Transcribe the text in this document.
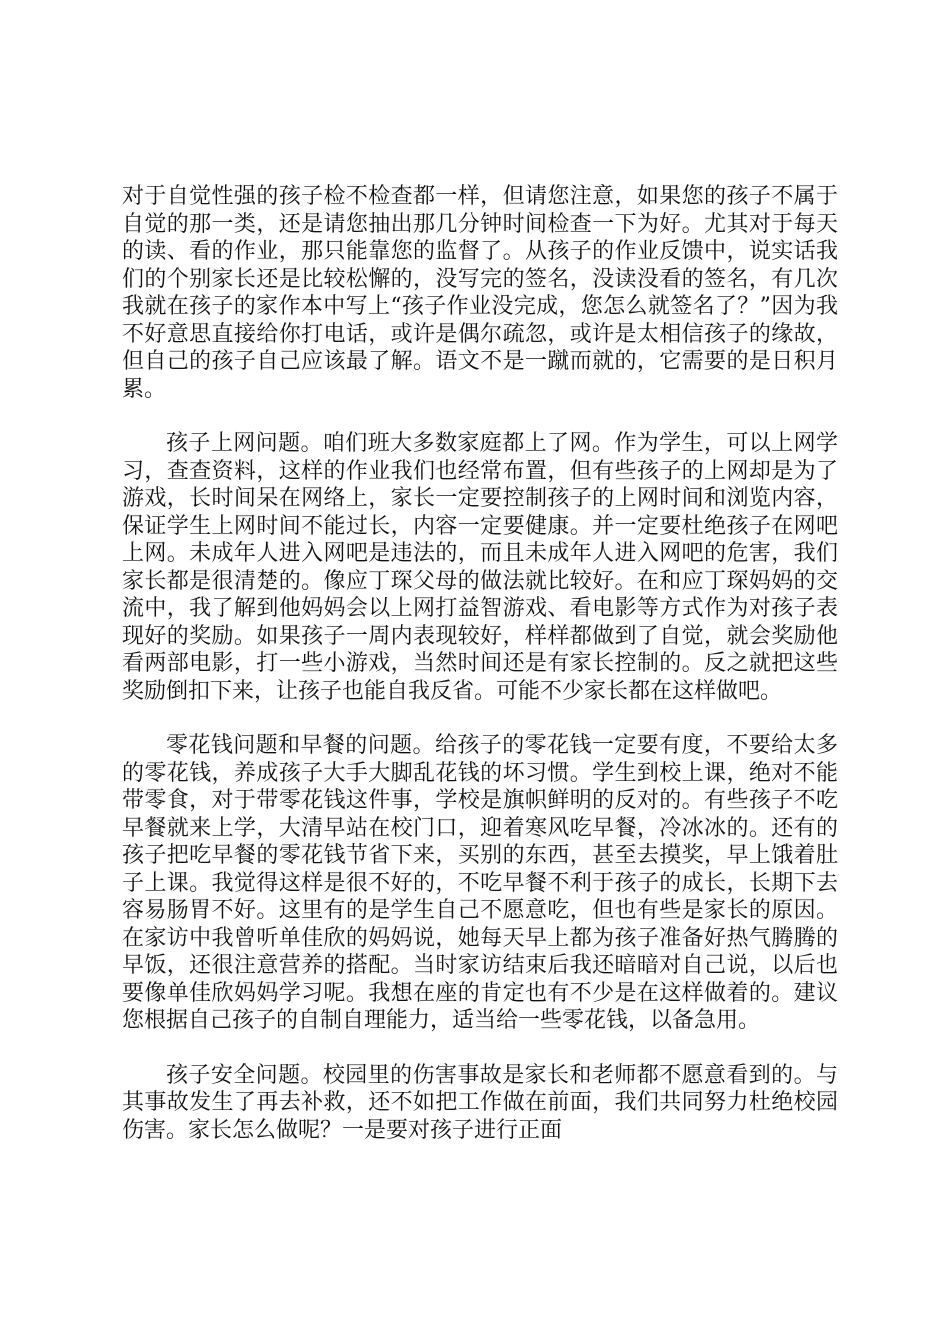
对于自觉性强的孩子检不检查都一样，但请您注意，如果您的孩子不属于自觉的那一类，还是请您抽出那几分钟时间检查一下为好。尤其对于每天的读、看的作业，那只能靠您的监督了。从孩子的作业反馈中，说实话我们的个别家长还是比较松懈的，没写完的签名，没读没看的签名，有几次我就在孩子的家作本中写上“孩子作业没完成，您怎么就签名了？”因为我不好意思直接给你打电话，或许是偶尔疏忽，或许是太相信孩子的缘故，但自己的孩子自己应该最了解。语文不是一蹴而就的，它需要的是日积月累。

孩子上网问题。咱们班大多数家庭都上了网。作为学生，可以上网学习，查查资料，这样的作业我们也经常布置，但有些孩子的上网却是为了游戏，长时间呆在网络上，家长一定要控制孩子的上网时间和浏览内容，保证学生上网时间不能过长，内容一定要健康。并一定要杜绝孩子在网吧上网。未成年人进入网吧是违法的，而且未成年人进入网吧的危害，我们家长都是很清楚的。像应丁琛父母的做法就比较好。在和应丁琛妈妈的交流中，我了解到他妈妈会以上网打益智游戏、看电影等方式作为对孩子表现好的奖励。如果孩子一周内表现较好，样样都做到了自觉，就会奖励他看两部电影，打一些小游戏，当然时间还是有家长控制的。反之就把这些奖励倒扣下来，让孩子也能自我反省。可能不少家长都在这样做吧。

零花钱问题和早餐的问题。给孩子的零花钱一定要有度，不要给太多的零花钱，养成孩子大手大脚乱花钱的坏习惯。学生到校上课，绝对不能带零食，对于带零花钱这件事，学校是旗帜鲜明的反对的。有些孩子不吃早餐就来上学，大清早站在校门口，迎着寒风吃早餐，冷冰冰的。还有的孩子把吃早餐的零花钱节省下来，买别的东西，甚至去摸奖，早上饿着肚子上课。我觉得这样是很不好的，不吃早餐不利于孩子的成长，长期下去容易肠胃不好。这里有的是学生自己不愿意吃，但也有些是家长的原因。在家访中我曾听单佳欣的妈妈说，她每天早上都为孩子准备好热气腾腾的早饭，还很注意营养的搭配。当时家访结束后我还暗暗对自己说，以后也要像单佳欣妈妈学习呢。我想在座的肯定也有不少是在这样做着的。建议您根据自己孩子的自制自理能力，适当给一些零花钱，以备急用。

孩子安全问题。校园里的伤害事故是家长和老师都不愿意看到的。与其事故发生了再去补救，还不如把工作做在前面，我们共同努力杜绝校园伤害。家长怎么做呢？一是要对孩子进行正面
